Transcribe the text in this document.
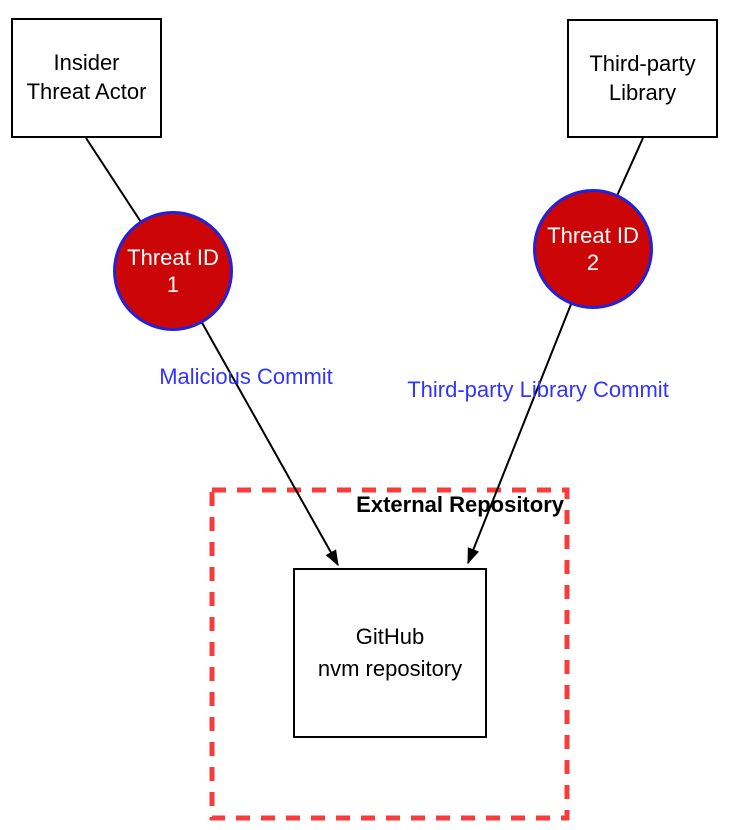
Insider
Threat Actor
Third-party
Library
Threat ID
1
Threat ID
2
Malicious Commit
Third-party Library Commit
External Repository
GitHub
nvm repository
